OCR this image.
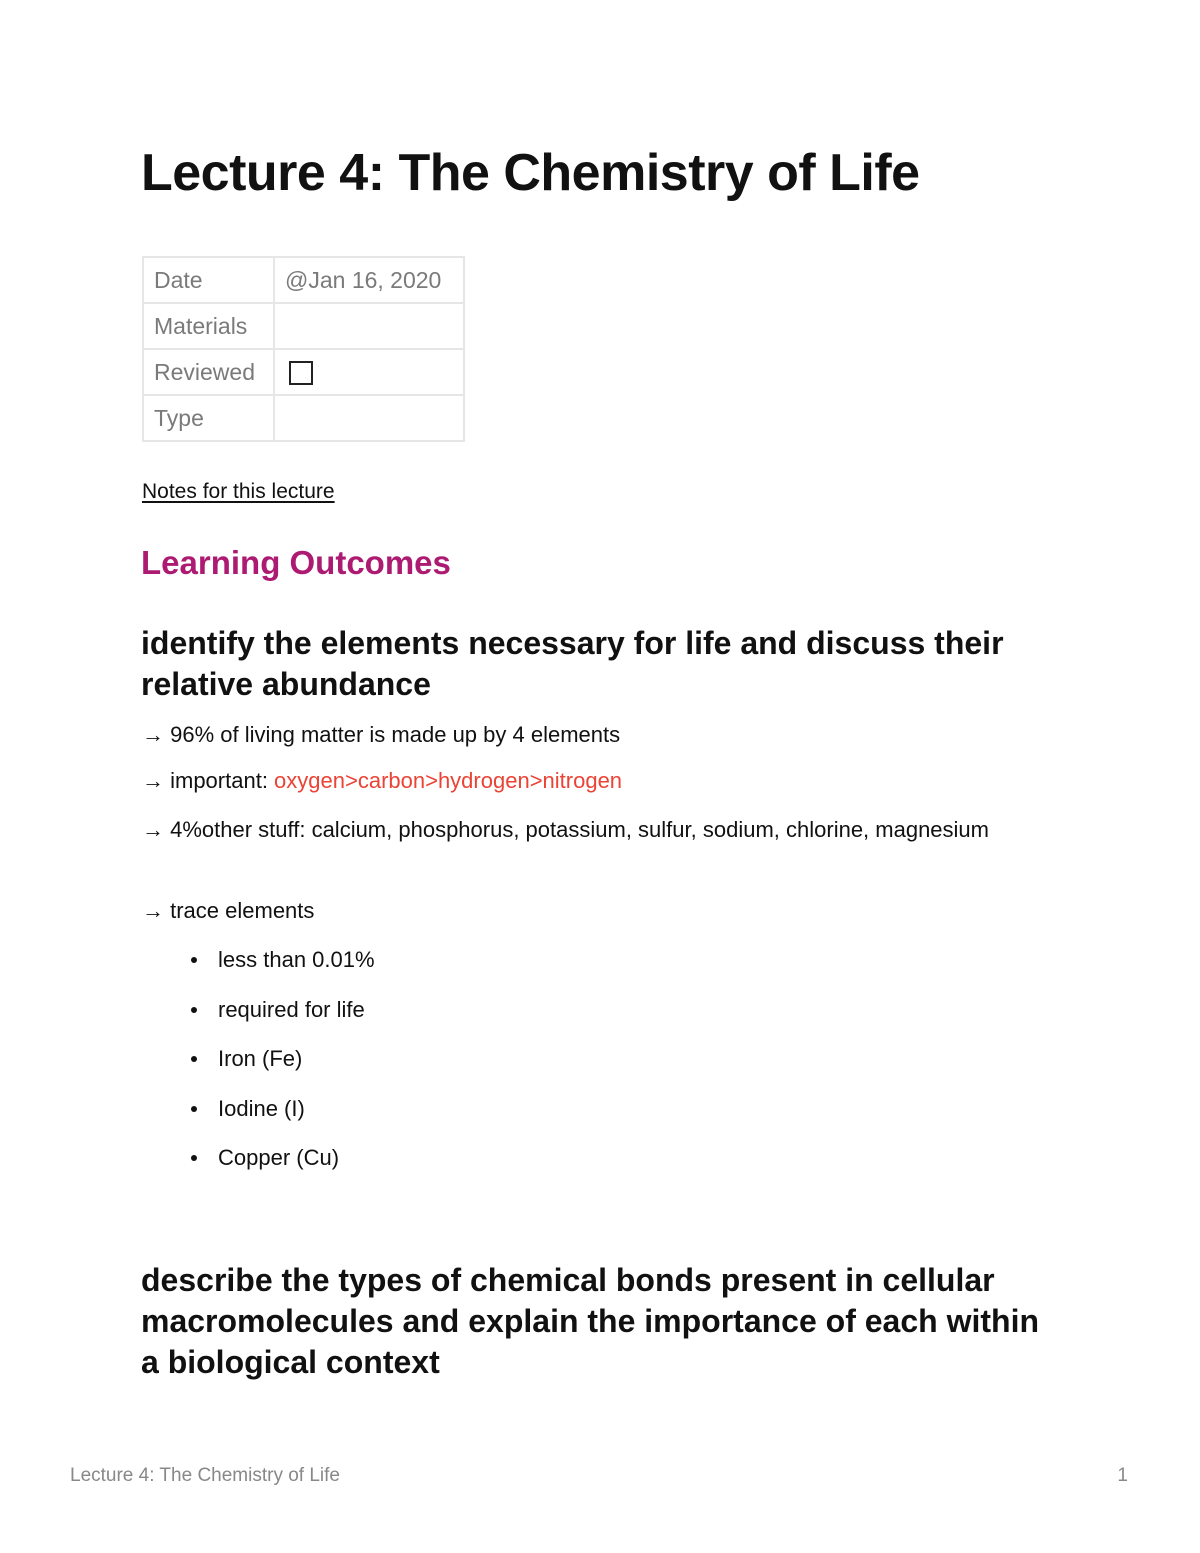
Lecture 4: The Chemistry of Life
Date	@Jan 16, 2020
Materials	
Reviewed	
Type	
Notes for this lecture
Learning Outcomes
identify the elements necessary for life and discuss their relative abundance

→ 96% of living matter is made up by 4 elements

→ important: oxygen>carbon>hydrogen>nitrogen

→ 4%other stuff: calcium, phosphorus, potassium, sulfur, sodium, chlorine, magnesium

→ trace elements

less than 0.01%
required for life
Iron (Fe)
Iodine (I)
Copper (Cu)
describe the types of chemical bonds present in cellular macromolecules and explain the importance of each within a biological context
Lecture 4: The Chemistry of Life	1
